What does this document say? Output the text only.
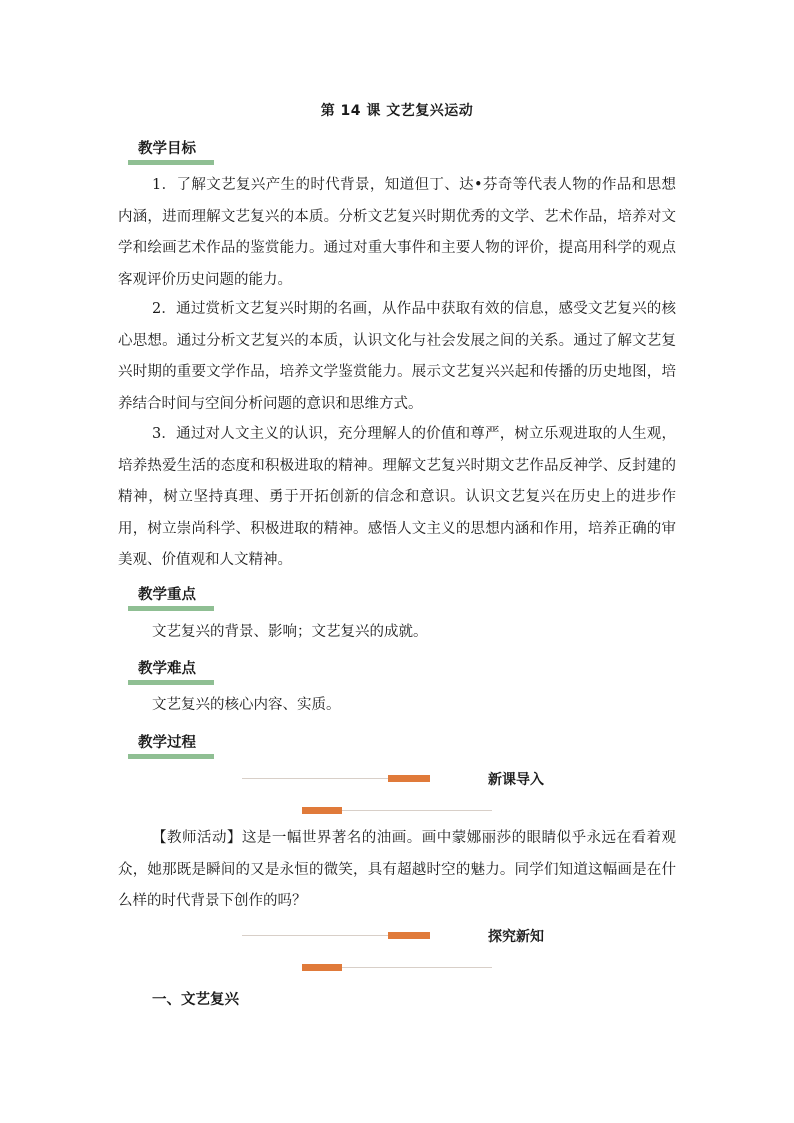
第 14 课 文艺复兴运动
教学目标
1．了解文艺复兴产生的时代背景，知道但丁、达•芬奇等代表人物的作品和思想内涵，进而理解文艺复兴的本质。分析文艺复兴时期优秀的文学、艺术作品，培养对文学和绘画艺术作品的鉴赏能力。通过对重大事件和主要人物的评价，提高用科学的观点客观评价历史问题的能力。
2．通过赏析文艺复兴时期的名画，从作品中获取有效的信息，感受文艺复兴的核心思想。通过分析文艺复兴的本质，认识文化与社会发展之间的关系。通过了解文艺复兴时期的重要文学作品，培养文学鉴赏能力。展示文艺复兴兴起和传播的历史地图，培养结合时间与空间分析问题的意识和思维方式。
3．通过对人文主义的认识，充分理解人的价值和尊严，树立乐观进取的人生观，培养热爱生活的态度和积极进取的精神。理解文艺复兴时期文艺作品反神学、反封建的精神，树立坚持真理、勇于开拓创新的信念和意识。认识文艺复兴在历史上的进步作用，树立崇尚科学、积极进取的精神。感悟人文主义的思想内涵和作用，培养正确的审美观、价值观和人文精神。
教学重点
文艺复兴的背景、影响；文艺复兴的成就。
教学难点
文艺复兴的核心内容、实质。
教学过程
新课导入
【教师活动】这是一幅世界著名的油画。画中蒙娜丽莎的眼睛似乎永远在看着观众，她那既是瞬间的又是永恒的微笑，具有超越时空的魅力。同学们知道这幅画是在什么样的时代背景下创作的吗？
探究新知
一、文艺复兴
